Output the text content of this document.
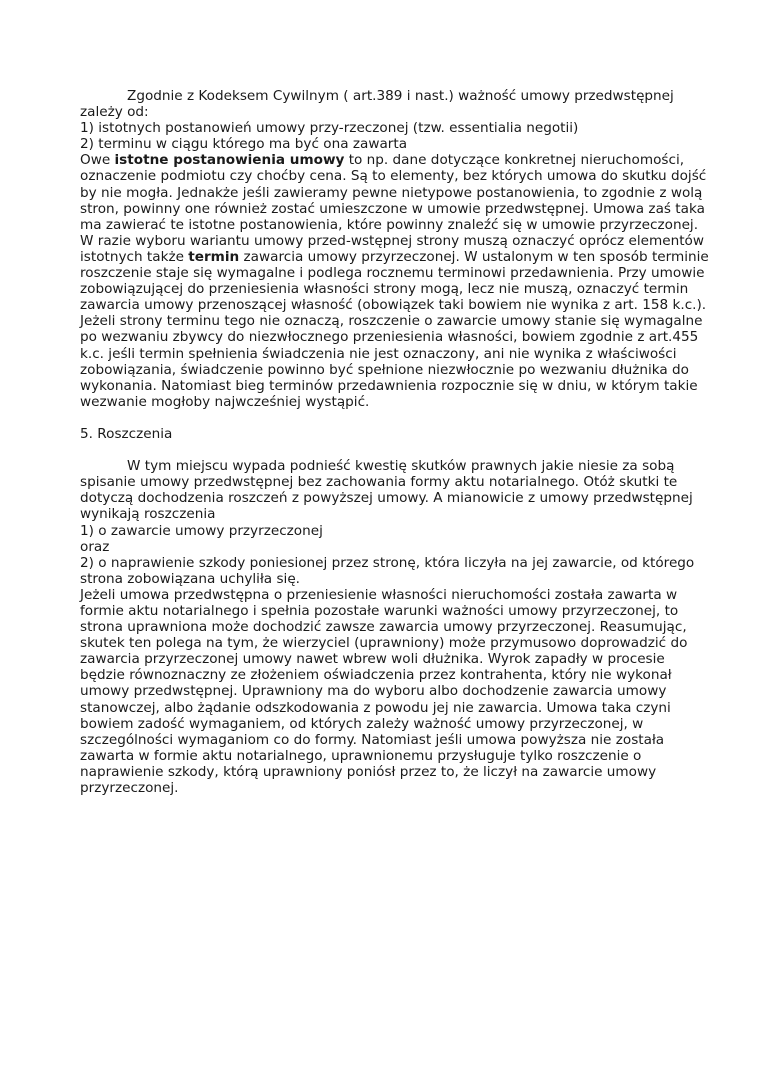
Zgodnie z Kodeksem Cywilnym ( art.389 i nast.) ważność umowy przedwstępnej
zależy od:
1) istotnych postanowień umowy przy-rzeczonej (tzw. essentialia negotii)
2) terminu w ciągu którego ma być ona zawarta
Owe istotne postanowienia umowy to np. dane dotyczące konkretnej nieruchomości,
oznaczenie podmiotu czy choćby cena. Są to elementy, bez których umowa do skutku dojść
by nie mogła. Jednakże jeśli zawieramy pewne nietypowe postanowienia, to zgodnie z wolą
stron, powinny one również zostać umieszczone w umowie przedwstępnej. Umowa zaś taka
ma zawierać te istotne postanowienia, które powinny znaleźć się w umowie przyrzeczonej.
W razie wyboru wariantu umowy przed-wstępnej strony muszą oznaczyć oprócz elementów
istotnych także termin zawarcia umowy przyrzeczonej. W ustalonym w ten sposób terminie
roszczenie staje się wymagalne i podlega rocznemu terminowi przedawnienia. Przy umowie
zobowiązującej do przeniesienia własności strony mogą, lecz nie muszą, oznaczyć termin
zawarcia umowy przenoszącej własność (obowiązek taki bowiem nie wynika z art. 158 k.c.).
Jeżeli strony terminu tego nie oznaczą, roszczenie o zawarcie umowy stanie się wymagalne
po wezwaniu zbywcy do niezwłocznego przeniesienia własności, bowiem zgodnie z art.455
k.c. jeśli termin spełnienia świadczenia nie jest oznaczony, ani nie wynika z właściwości
zobowiązania, świadczenie powinno być spełnione niezwłocznie po wezwaniu dłużnika do
wykonania. Natomiast bieg terminów przedawnienia rozpocznie się w dniu, w którym takie
wezwanie mogłoby najwcześniej wystąpić.
5. Roszczenia
W tym miejscu wypada podnieść kwestię skutków prawnych jakie niesie za sobą
spisanie umowy przedwstępnej bez zachowania formy aktu notarialnego. Otóż skutki te
dotyczą dochodzenia roszczeń z powyższej umowy. A mianowicie z umowy przedwstępnej
wynikają roszczenia
1) o zawarcie umowy przyrzeczonej
oraz
2) o naprawienie szkody poniesionej przez stronę, która liczyła na jej zawarcie, od którego
strona zobowiązana uchyliła się.
Jeżeli umowa przedwstępna o przeniesienie własności nieruchomości została zawarta w
formie aktu notarialnego i spełnia pozostałe warunki ważności umowy przyrzeczonej, to
strona uprawniona może dochodzić zawsze zawarcia umowy przyrzeczonej. Reasumując,
skutek ten polega na tym, że wierzyciel (uprawniony) może przymusowo doprowadzić do
zawarcia przyrzeczonej umowy nawet wbrew woli dłużnika. Wyrok zapadły w procesie
będzie równoznaczny ze złożeniem oświadczenia przez kontrahenta, który nie wykonał
umowy przedwstępnej. Uprawniony ma do wyboru albo dochodzenie zawarcia umowy
stanowczej, albo żądanie odszkodowania z powodu jej nie zawarcia. Umowa taka czyni
bowiem zadość wymaganiem, od których zależy ważność umowy przyrzeczonej, w
szczególności wymaganiom co do formy. Natomiast jeśli umowa powyższa nie została
zawarta w formie aktu notarialnego, uprawnionemu przysługuje tylko roszczenie o
naprawienie szkody, którą uprawniony poniósł przez to, że liczył na zawarcie umowy
przyrzeczonej.
